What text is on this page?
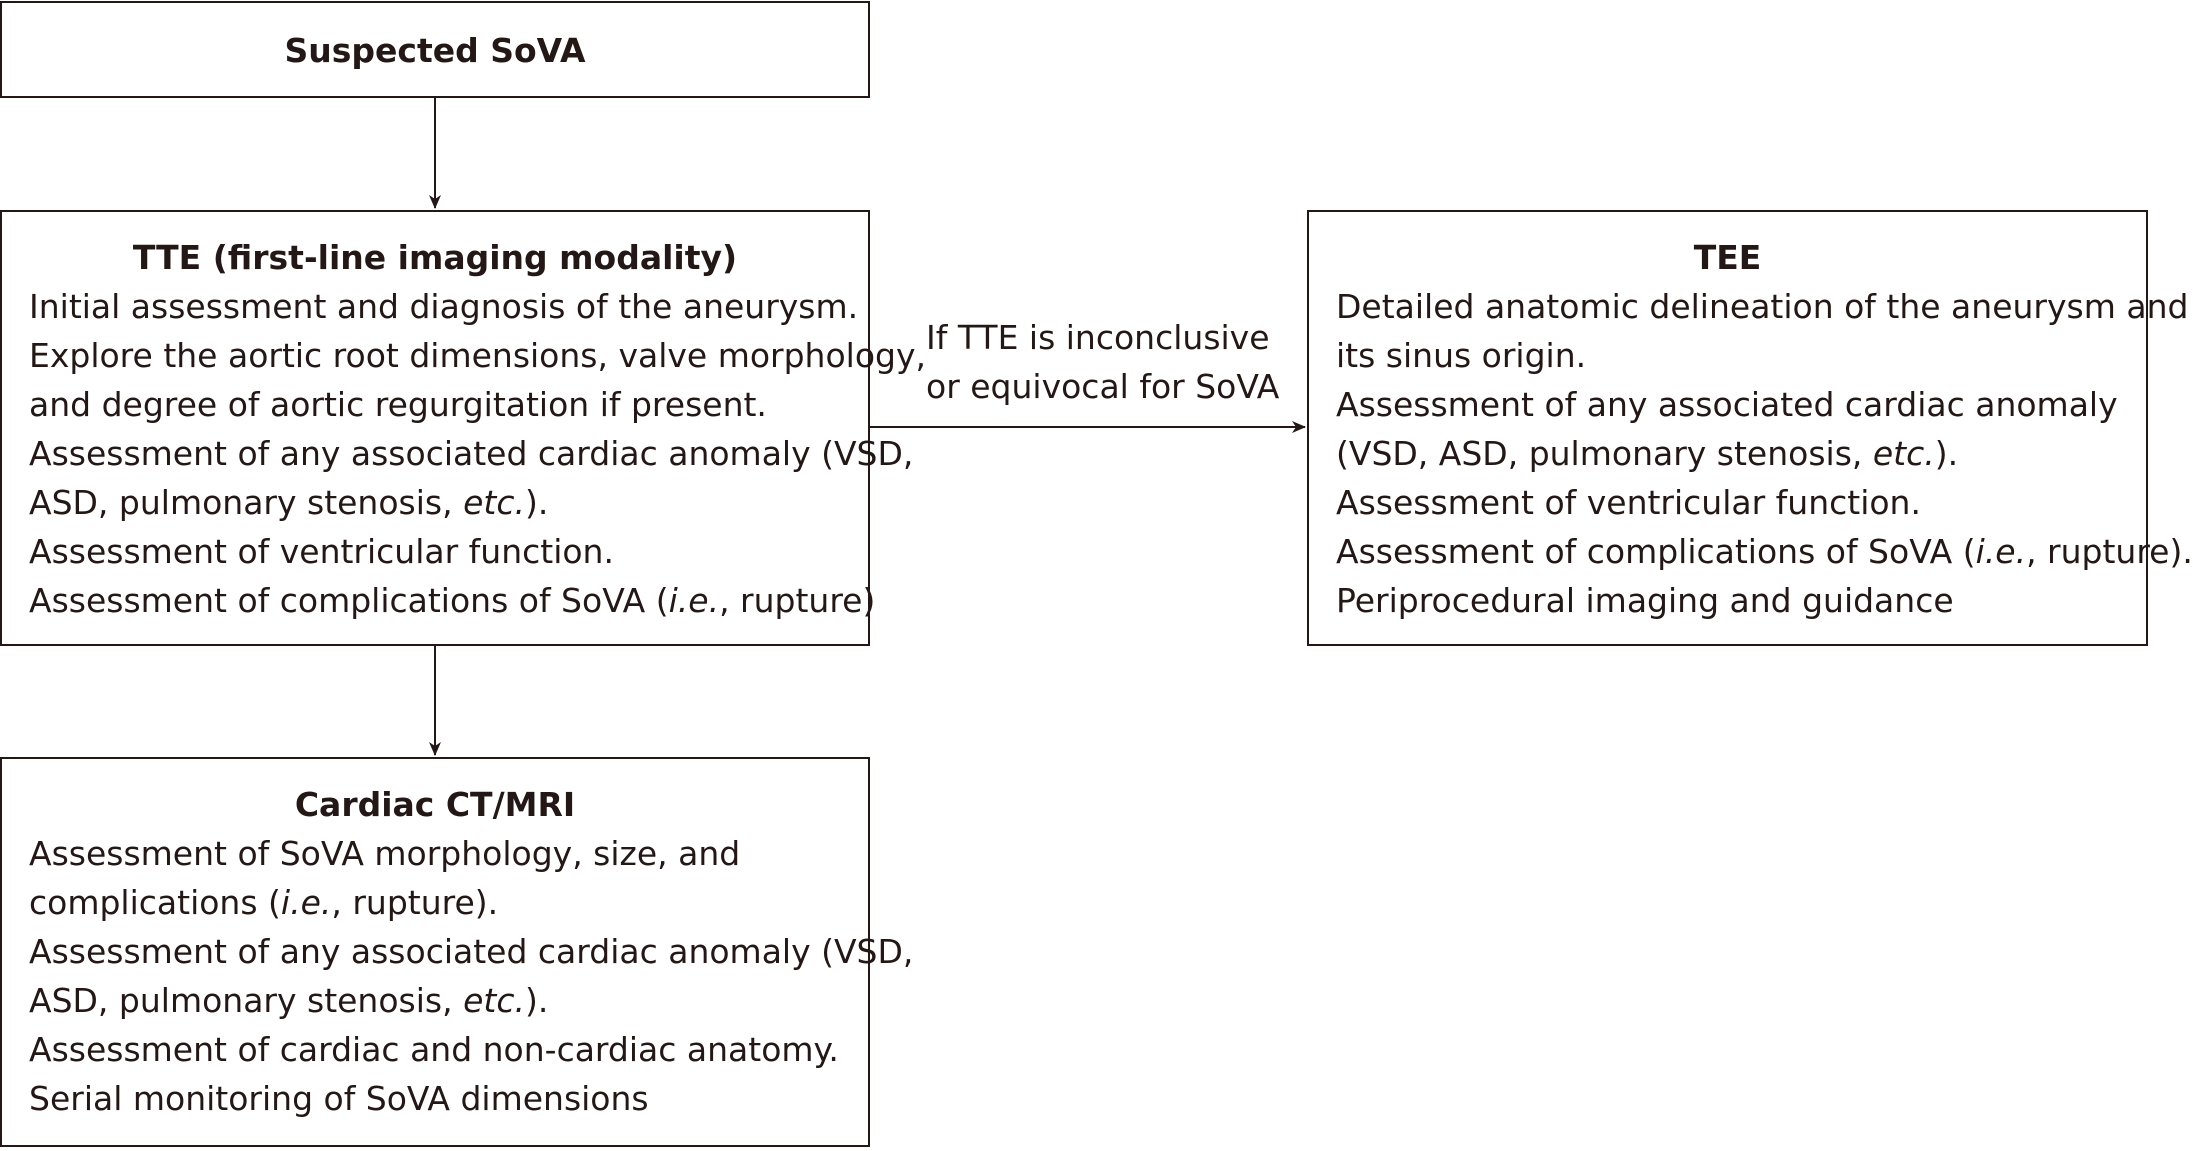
Suspected SoVA
TTE (first-line imaging modality)
Initial assessment and diagnosis of the aneurysm.
Explore the aortic root dimensions, valve morphology,
and degree of aortic regurgitation if present.
Assessment of any associated cardiac anomaly (VSD,
ASD, pulmonary stenosis, etc.).
Assessment of ventricular function.
Assessment of complications of SoVA (i.e., rupture)
If TTE is inconclusive
or equivocal for SoVA
TEE
Detailed anatomic delineation of the aneurysm and
its sinus origin.
Assessment of any associated cardiac anomaly
(VSD, ASD, pulmonary stenosis, etc.).
Assessment of ventricular function.
Assessment of complications of SoVA (i.e., rupture).
Periprocedural imaging and guidance
Cardiac CT/MRI
Assessment of SoVA morphology, size, and
complications (i.e., rupture).
Assessment of any associated cardiac anomaly (VSD,
ASD, pulmonary stenosis, etc.).
Assessment of cardiac and non-cardiac anatomy.
Serial monitoring of SoVA dimensions
